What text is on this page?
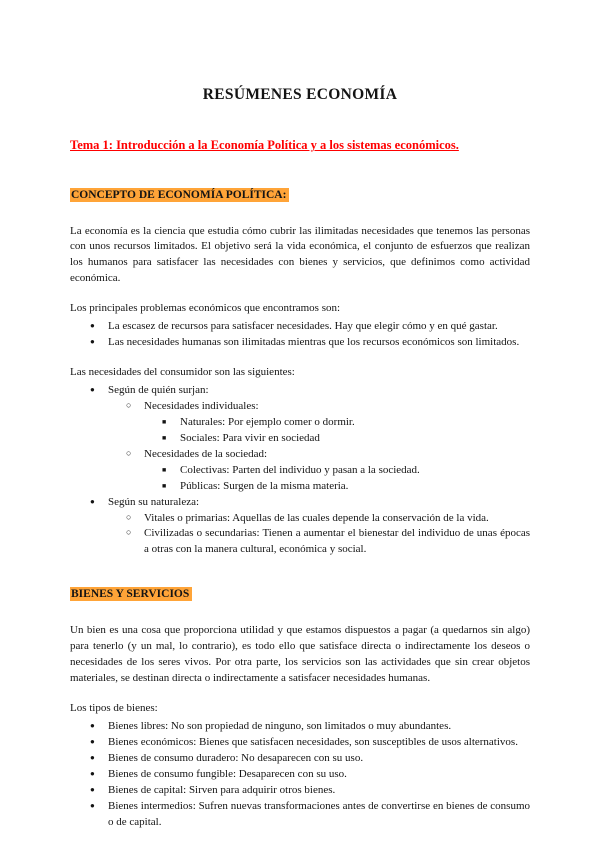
RESÚMENES ECONOMÍA
Tema 1: Introducción a la Economía Política y a los sistemas económicos.
CONCEPTO DE ECONOMÍA POLÍTICA:

La economía es la ciencia que estudia cómo cubrir las ilimitadas necesidades que tenemos las personas con unos recursos limitados. El objetivo será la vida económica, el conjunto de esfuerzos que realizan los humanos para satisfacer las necesidades con bienes y servicios, que definimos como actividad económica.

Los principales problemas económicos que encontramos son:

●
La escasez de recursos para satisfacer necesidades. Hay que elegir cómo y en qué gastar.
●
Las necesidades humanas son ilimitadas mientras que los recursos económicos son limitados.

Las necesidades del consumidor son las siguientes:

●
Según de quién surjan:
○
Necesidades individuales:
■
Naturales: Por ejemplo comer o dormir.
■
Sociales: Para vivir en sociedad
○
Necesidades de la sociedad:
■
Colectivas: Parten del individuo y pasan a la sociedad.
■
Públicas: Surgen de la misma materia.
●
Según su naturaleza:
○
Vitales o primarias: Aquellas de las cuales depende la conservación de la vida.
○
Civilizadas o secundarias: Tienen a aumentar el bienestar del individuo de unas épocas a otras con la manera cultural, económica y social.
BIENES Y SERVICIOS

Un bien es una cosa que proporciona utilidad y que estamos dispuestos a pagar (a quedarnos sin algo) para tenerlo (y un mal, lo contrario), es todo ello que satisface directa o indirectamente los deseos o necesidades de los seres vivos. Por otra parte, los servicios son las actividades que sin crear objetos materiales, se destinan directa o indirectamente a satisfacer necesidades humanas.

Los tipos de bienes:

●
Bienes libres: No son propiedad de ninguno, son limitados o muy abundantes.
●
Bienes económicos: Bienes que satisfacen necesidades, son susceptibles de usos alternativos.
●
Bienes de consumo duradero: No desaparecen con su uso.
●
Bienes de consumo fungible: Desaparecen con su uso.
●
Bienes de capital: Sirven para adquirir otros bienes.
●
Bienes intermedios: Sufren nuevas transformaciones antes de convertirse en bienes de consumo o de capital.
